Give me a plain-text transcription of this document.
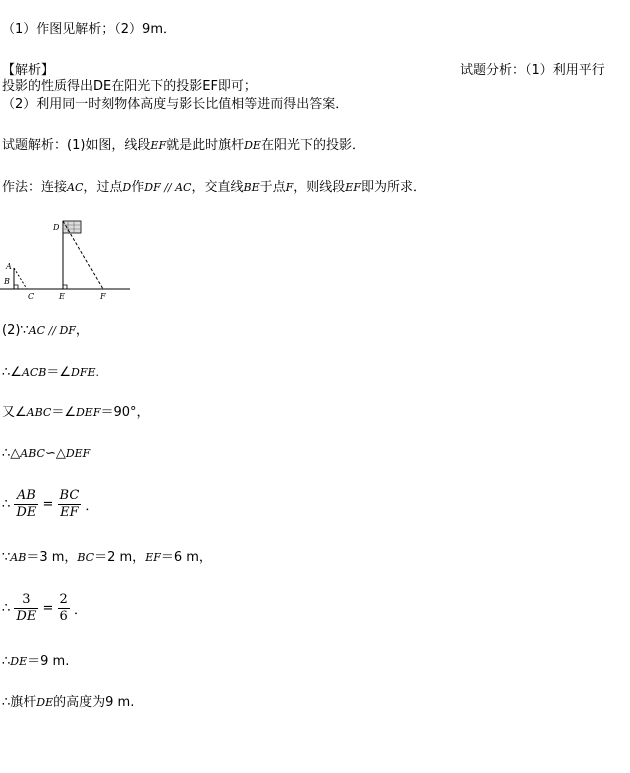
（1）作图见解析；（2）9m．
【解析】	试题分析：（1）利用平行
投影的性质得出DE在阳光下的投影EF即可；
（2）利用同一时刻物体高度与影长比值相等进而得出答案．
试题解析：(1)如图，线段EF就是此时旗杆DE在阳光下的投影．
作法：连接AC，过点D作DF // AC，交直线BE于点F，则线段EF即为所求．
A
B
C
D
E	F
(2)∵AC // DF，
∴∠ACB＝∠DFE.
又∠ABC＝∠DEF＝90°，
∴△ABC∽△DEF
∴ $\frac{AB}{DE} = \frac{BC}{EF}$ ．
∵AB＝3 m，BC＝2 m，EF＝6 m，
∴ $\frac{3}{DE} = \frac{2}{6}$ ．
∴DE＝9 m.
∴旗杆DE的高度为9 m.
